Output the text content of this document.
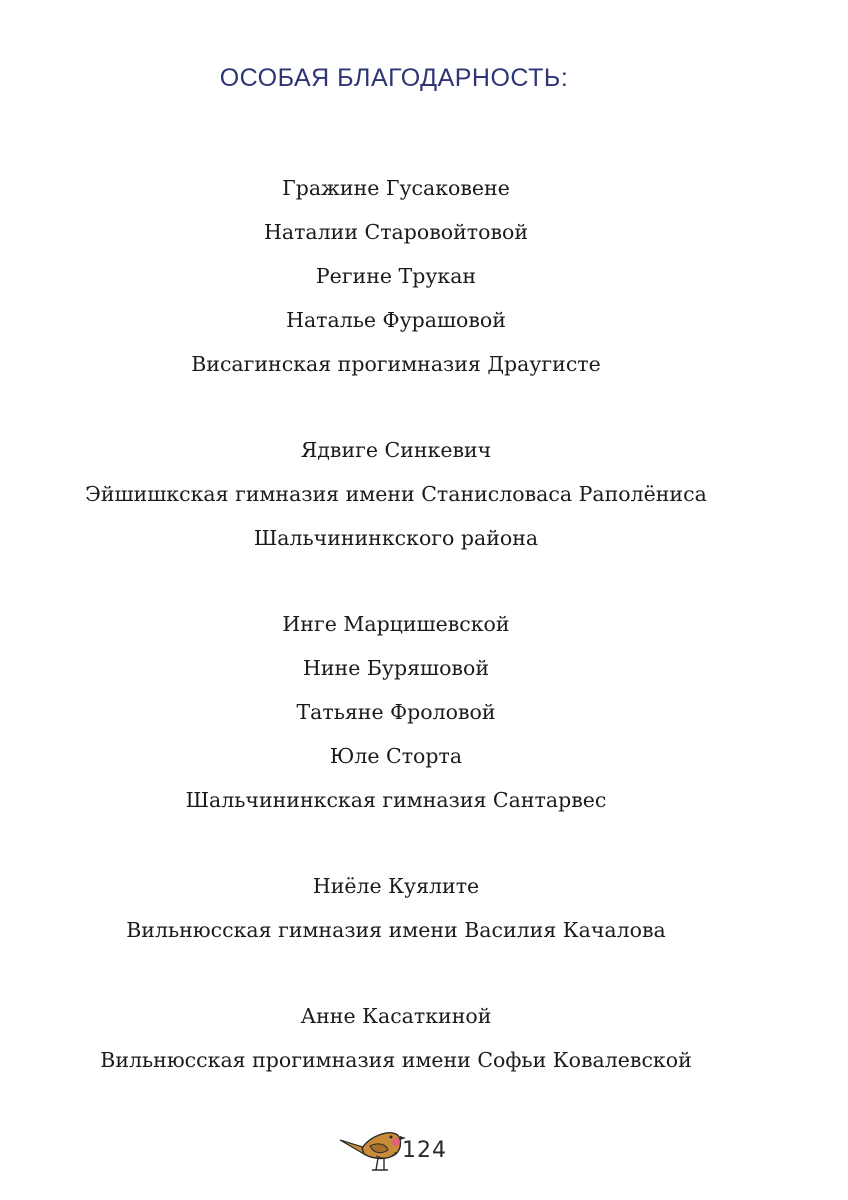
ОСОБАЯ БЛАГОДАРНОСТЬ:
Гражине Гусаковене
Наталии Старовойтовой
Регине Трукан
Наталье Фурашовой
Висагинская прогимназия Драугисте
Ядвиге Синкевич
Эйшишкская гимназия имени Станисловаса Раполёниса
Шальчининкского района
Инге Марцишевской
Нине Буряшовой
Татьяне Фроловой
Юле Сторта
Шальчининкская гимназия Сантарвес
Ниёле Куялите
Вильнюсская гимназия имени Василия Качалова
Анне Касаткиной
Вильнюсская прогимназия имени Софьи Ковалевской
124
